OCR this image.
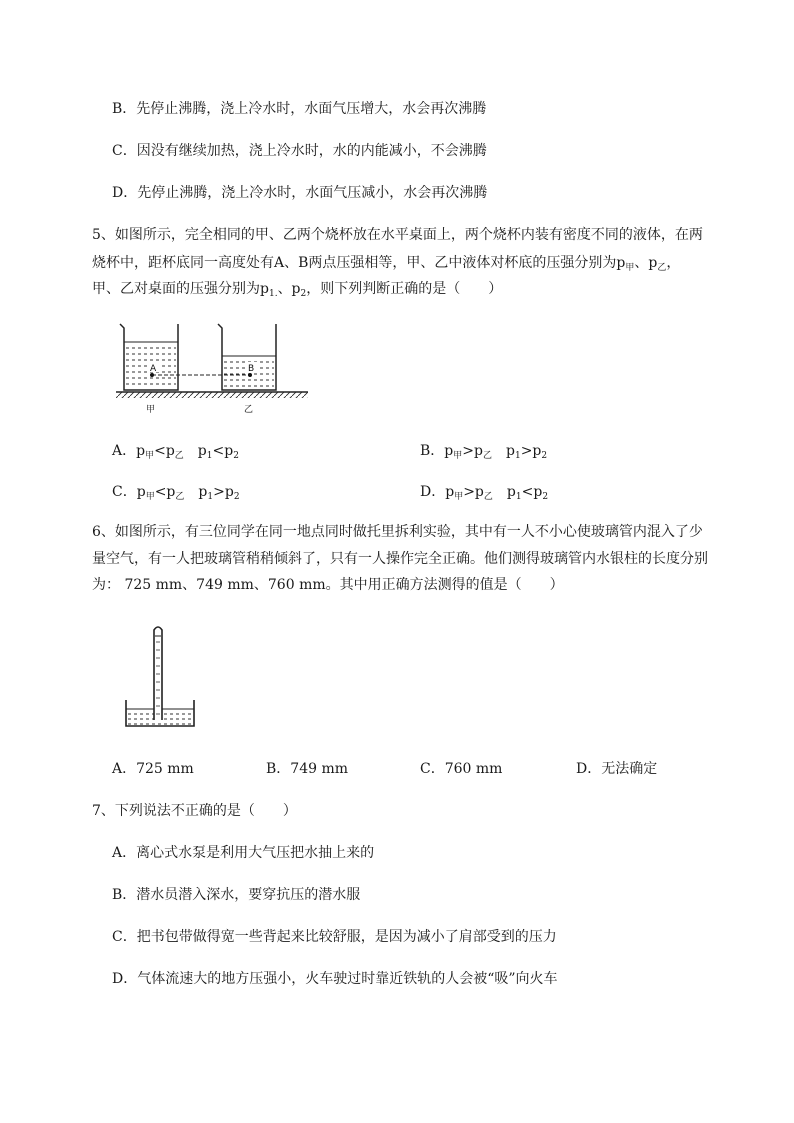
B．先停止沸腾，浇上冷水时，水面气压增大，水会再次沸腾
C．因没有继续加热，浇上冷水时，水的内能减小，不会沸腾
D．先停止沸腾，浇上冷水时，水面气压减小，水会再次沸腾
5、如图所示，完全相同的甲、乙两个烧杯放在水平桌面上，两个烧杯内装有密度不同的液体，在两
烧杯中，距杯底同一高度处有A、B两点压强相等，甲、乙中液体对杯底的压强分别为$p_甲$、$p_乙$，
甲、乙对桌面的压强分别为$p_{1.}$、$p_2$，则下列判断正确的是（　　）
A	B
甲	乙
A．$p_甲<p_乙$　$p_1<p_2$	B．$p_甲>p_乙$　$p_1>p_2$
C．$p_甲<p_乙$　$p_1>p_2$	D．$p_甲>p_乙$　$p_1<p_2$
6、如图所示，有三位同学在同一地点同时做托里拆利实验，其中有一人不小心使玻璃管内混入了少
量空气，有一人把玻璃管稍稍倾斜了，只有一人操作完全正确。他们测得玻璃管内水银柱的长度分别
为： 725 mm、749 mm、760 mm。其中用正确方法测得的值是（　　）
A．725 mm	B．749 mm	C．760 mm	D．无法确定
7、下列说法不正确的是（　　）
A．离心式水泵是利用大气压把水抽上来的
B．潜水员潜入深水，要穿抗压的潜水服
C．把书包带做得宽一些背起来比较舒服，是因为减小了肩部受到的压力
D．气体流速大的地方压强小，火车驶过时靠近铁轨的人会被“吸”向火车
